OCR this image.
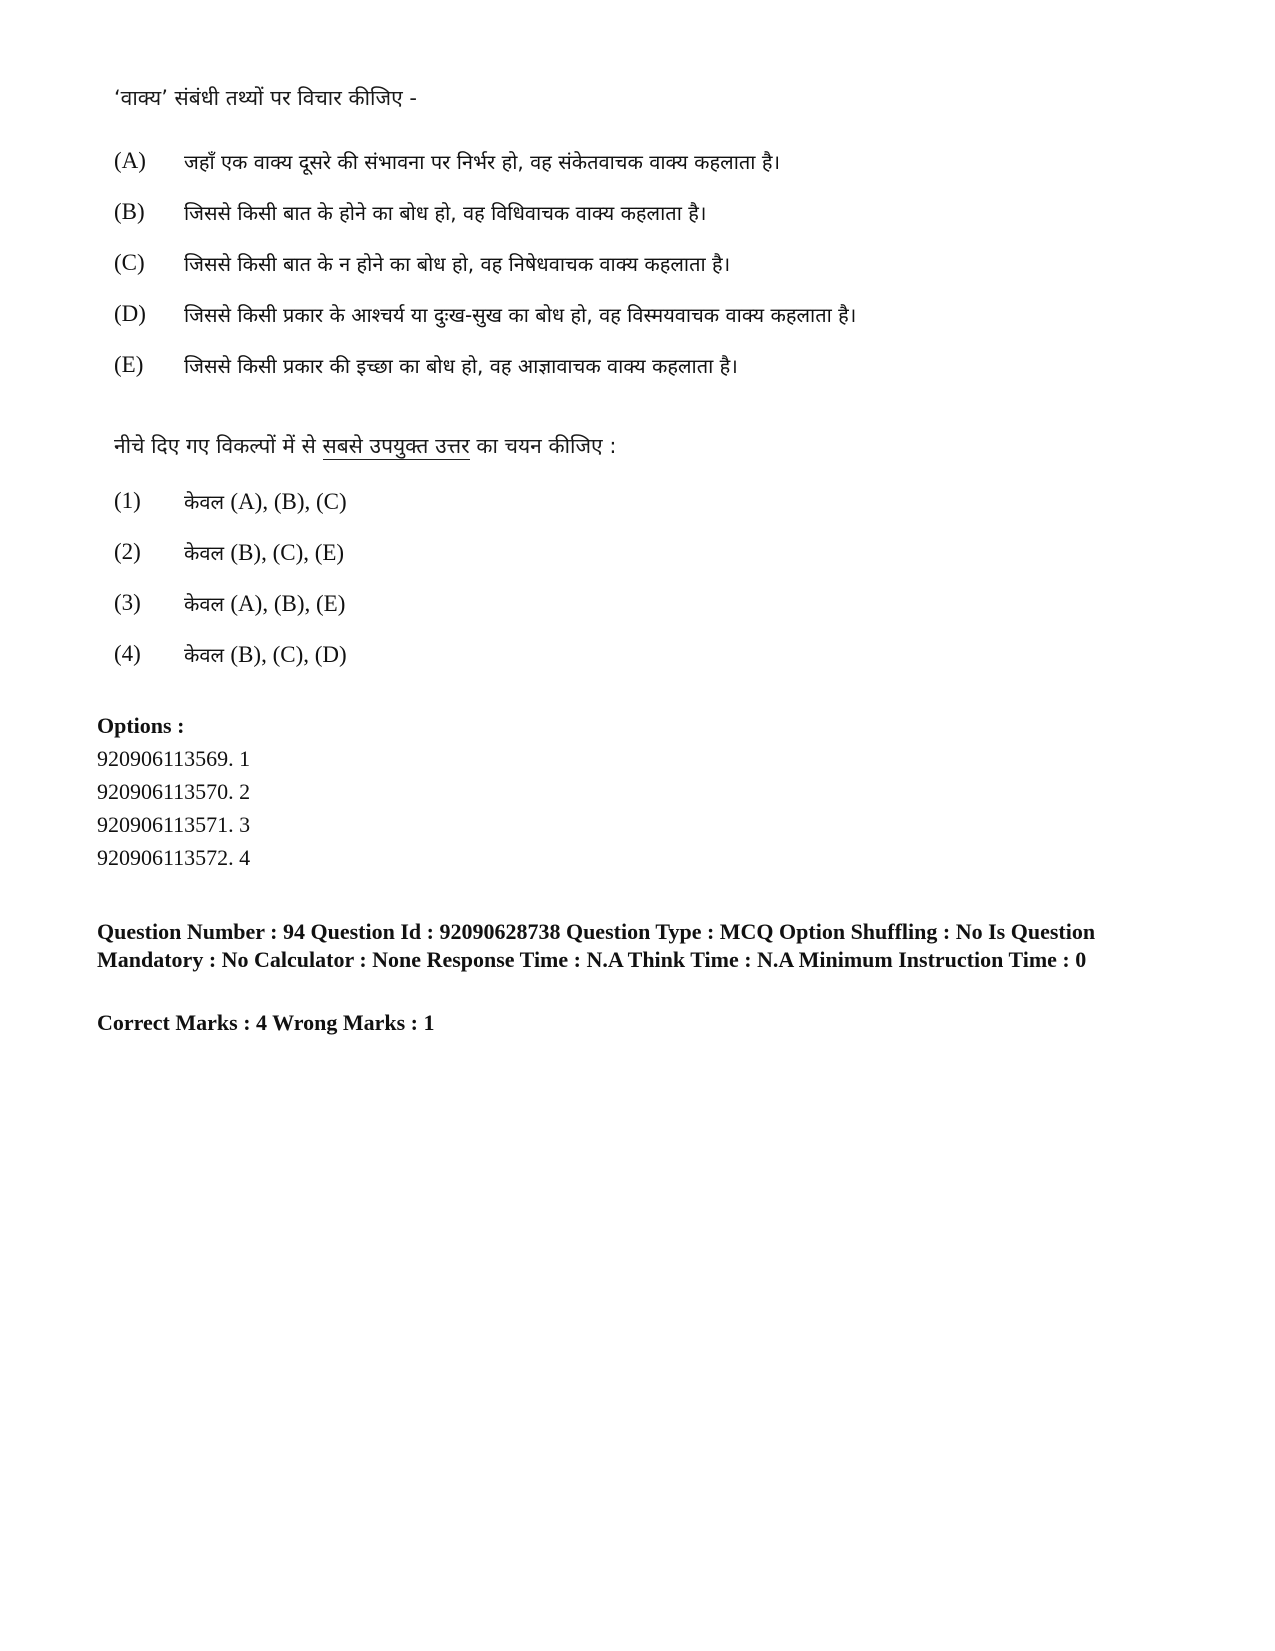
‘वाक्य’ संबंधी तथ्यों पर विचार कीजिए -

(A)	जहाँ एक वाक्य दूसरे की संभावना पर निर्भर हो, वह संकेतवाचक वाक्य कहलाता है।
(B)	जिससे किसी बात के होने का बोध हो, वह विधिवाचक वाक्य कहलाता है।
(C)	जिससे किसी बात के न होने का बोध हो, वह निषेधवाचक वाक्य कहलाता है।
(D)	जिससे किसी प्रकार के आश्चर्य या दुःख-सुख का बोध हो, वह विस्मयवाचक वाक्य कहलाता है।
(E)	जिससे किसी प्रकार की इच्छा का बोध हो, वह आज्ञावाचक वाक्य कहलाता है।
नीचे दिए गए विकल्पों में से सबसे उपयुक्त उत्तर का चयन कीजिए :
(1)	केवल (A), (B), (C)
(2)	केवल (B), (C), (E)
(3)	केवल (A), (B), (E)
(4)	केवल (B), (C), (D)
Options :
920906113569. 1
920906113570. 2
920906113571. 3
920906113572. 4
Question Number : 94 Question Id : 92090628738 Question Type : MCQ Option Shuffling : No Is Question Mandatory : No Calculator : None Response Time : N.A Think Time : N.A Minimum Instruction Time : 0
Correct Marks : 4 Wrong Marks : 1
